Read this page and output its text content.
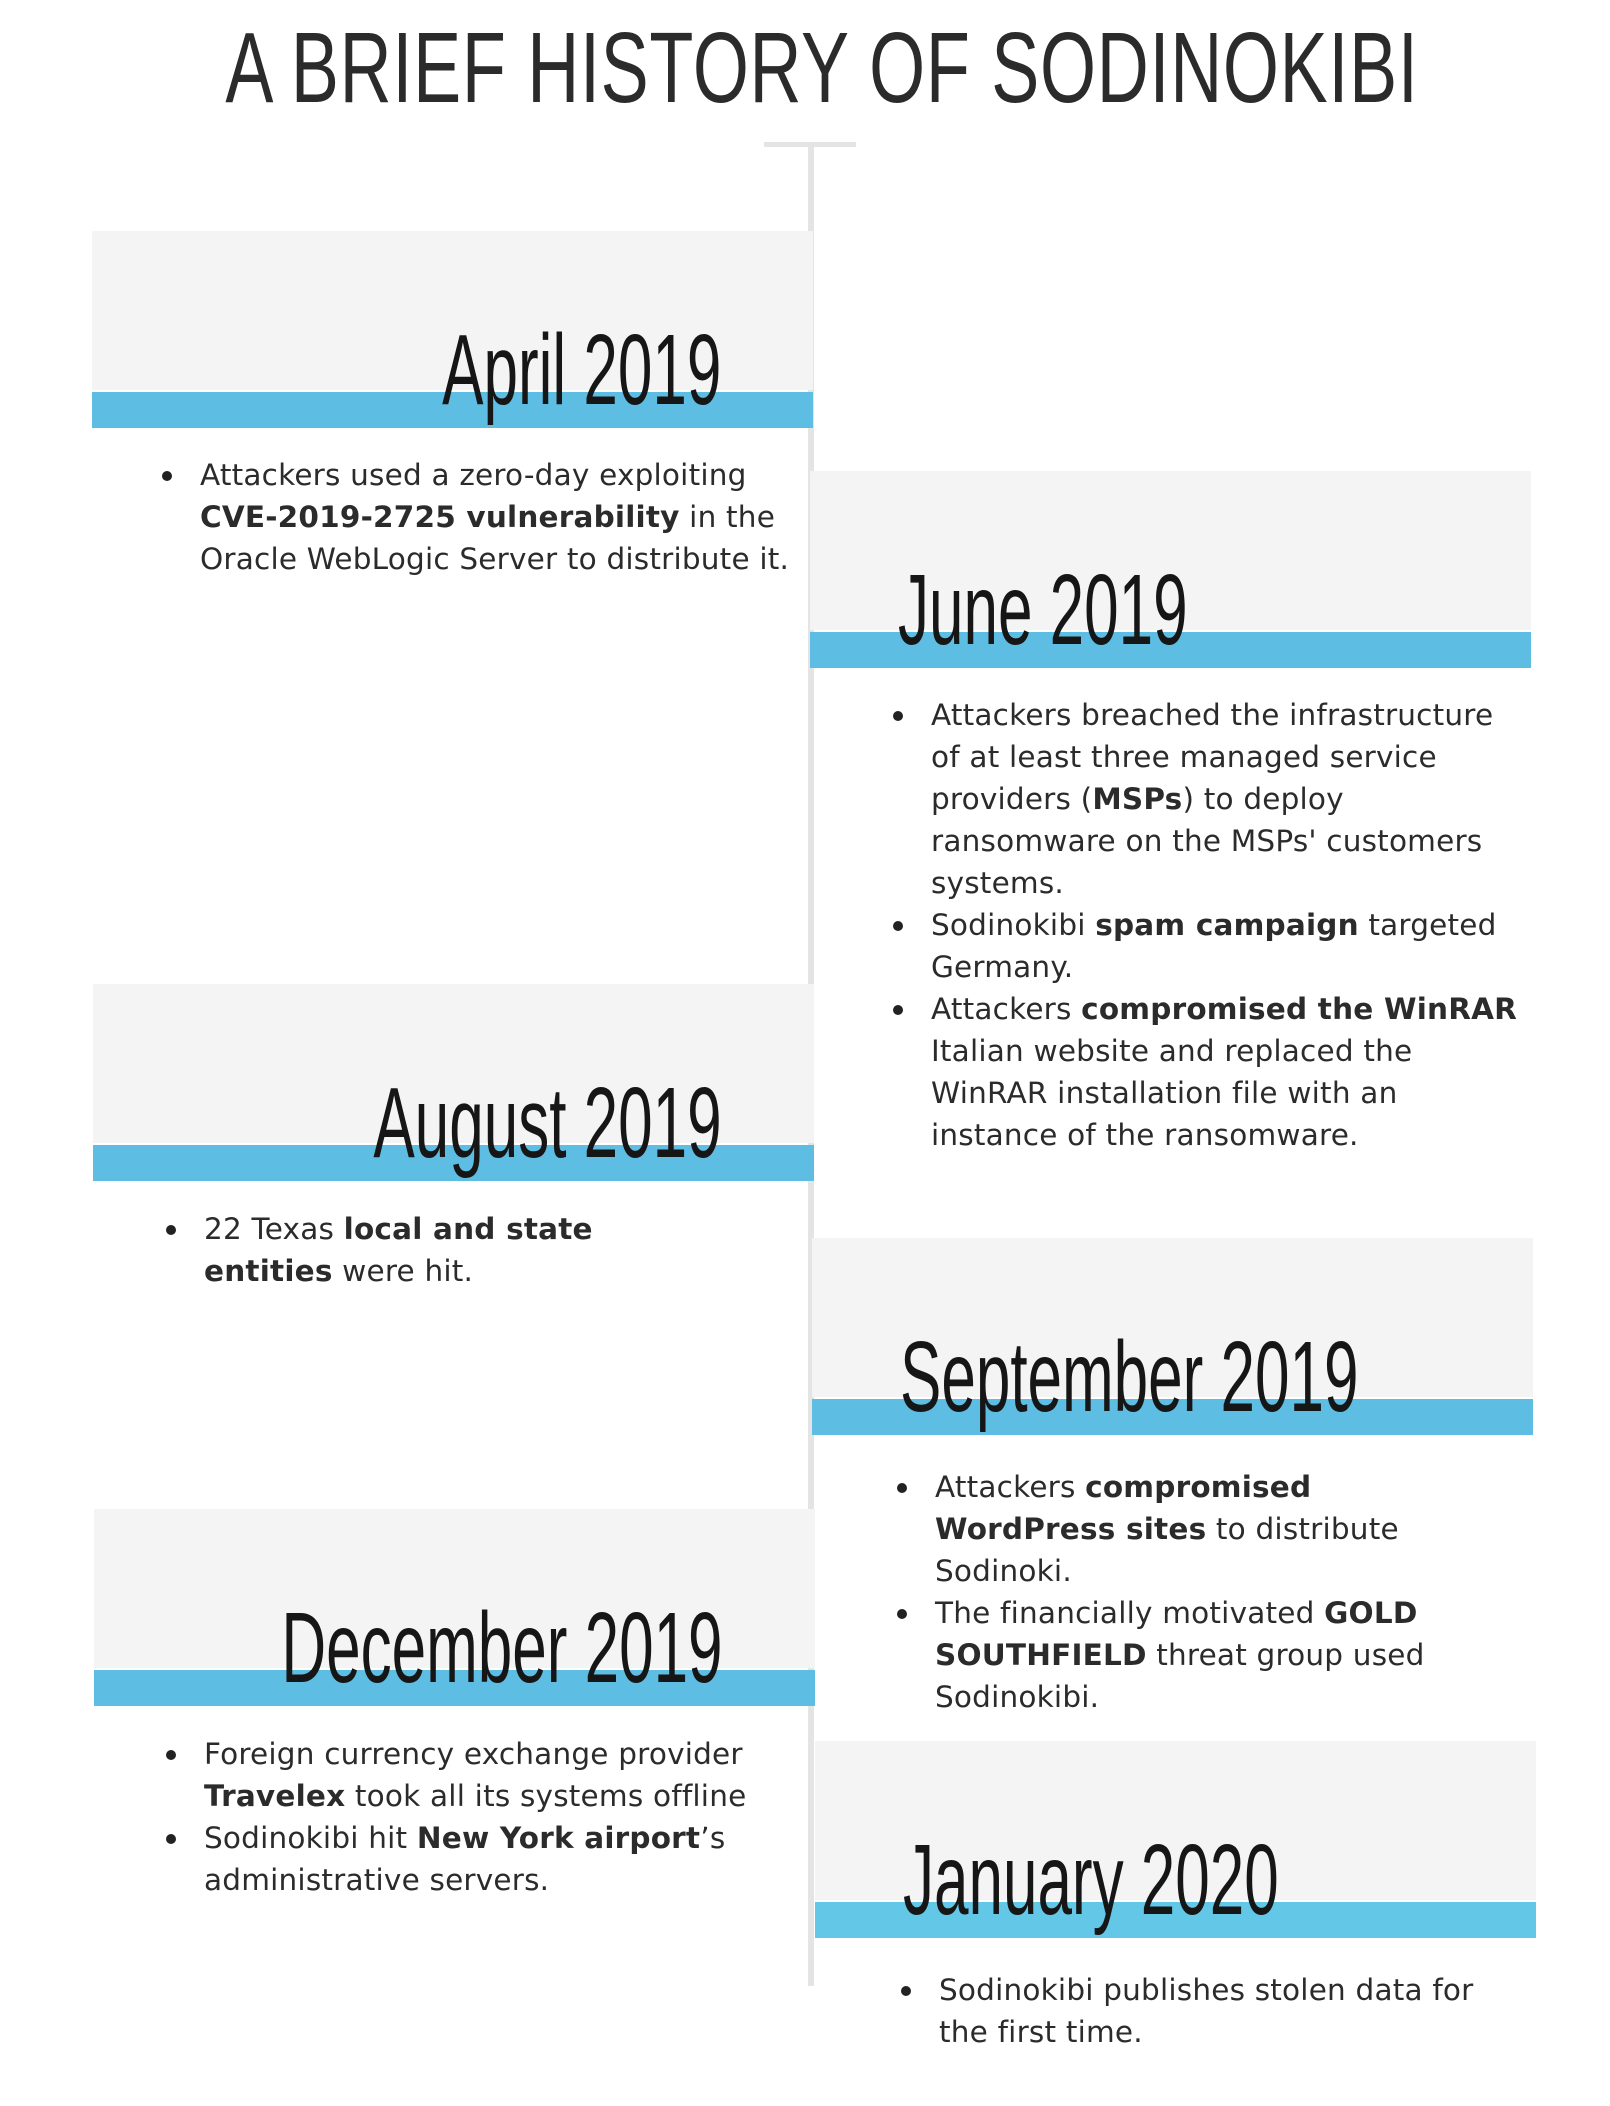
A BRIEF HISTORY OF SODINOKIBI
April 2019
Attackers used a zero-day exploiting CVE-2019-2725 vulnerability in the Oracle WebLogic Server to distribute it. June 2019
Attackers breached the infrastructure of at least three managed service providers (MSPs) to deploy ransomware on the MSPs' customers systems.
Sodinokibi spam campaign targeted Germany.
Attackers compromised the WinRAR Italian website and replaced the WinRAR installation file with an instance of the ransomware.
August 2019
22 Texas local and state entities were hit.
September 2019
Attackers compromised WordPress sites to distribute Sodinoki.
The financially motivated GOLD SOUTHFIELD threat group used Sodinokibi.
December 2019
Foreign currency exchange provider Travelex took all its systems offline
Sodinokibi hit New York airport’s administrative servers.	January 2020
Sodinokibi publishes stolen data for the first time.
